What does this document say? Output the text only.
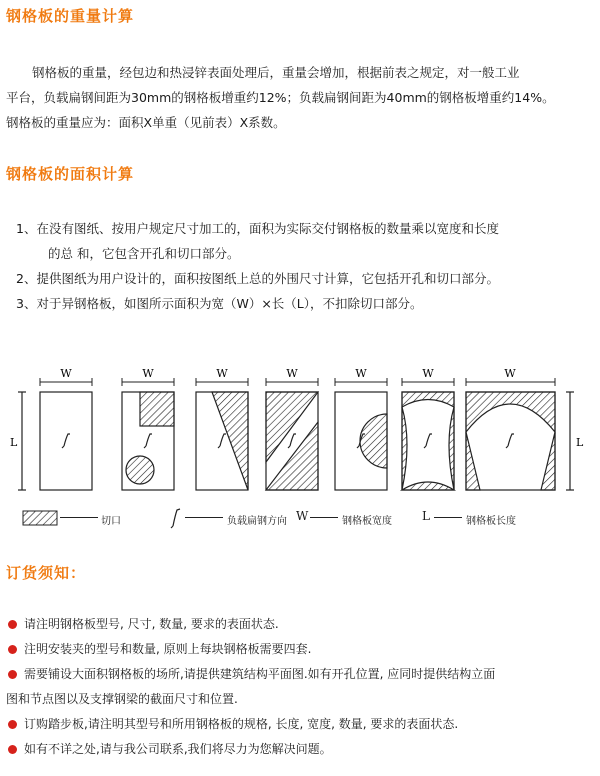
钢格板的重量计算

钢格板的重量，经包边和热浸锌表面处理后，重量会增加，根据前表之规定，对一般工业

平台，负载扁钢间距为30mm的钢格板增重约12%；负载扁钢间距为40mm的钢格板增重约14%。

钢格板的重量应为：面积X单重（见前表）X系数。

钢格板的面积计算

1、在没有图纸、按用户规定尺寸加工的，面积为实际交付钢格板的数量乘以宽度和长度

的总 和，它包含开孔和切口部分。

2、提供图纸为用户设计的，面积按图纸上总的外围尺寸计算，它包括开孔和切口部分。

3、对于异钢格板，如图所示面积为宽（W）×长（L），不扣除切口部分。

L	L
W	W	W	W	W	W	W
切口	负载扁钢方向 W	钢格板宽度	L	钢格板长度
订货须知：
请注明钢格板型号, 尺寸, 数量, 要求的表面状态.
注明安装夹的型号和数量, 原则上每块钢格板需要四套.
需要铺设大面积钢格板的场所,请提供建筑结构平面图.如有开孔位置, 应同时提供结构立面
图和节点图以及支撑钢梁的截面尺寸和位置.
订购踏步板,请注明其型号和所用钢格板的规格, 长度, 宽度, 数量, 要求的表面状态.
如有不详之处,请与我公司联系,我们将尽力为您解决问题。
